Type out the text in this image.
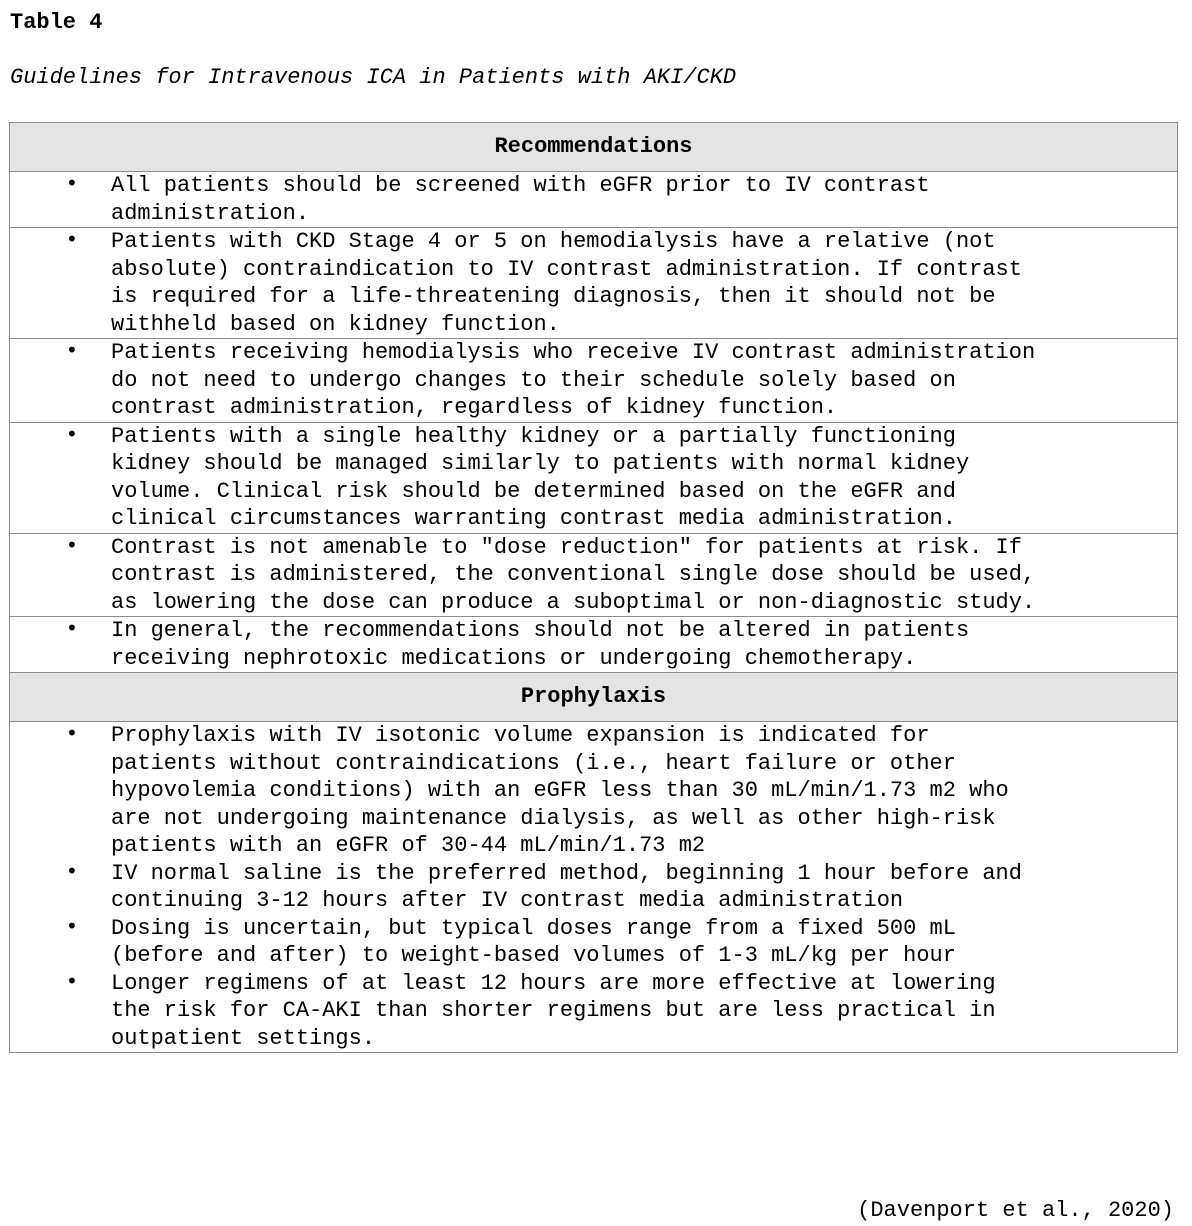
Table 4

Guidelines for Intravenous ICA in Patients with AKI/CKD

Recommendations

• All patients should be screened with eGFR prior to IV contrast
administration.

• Patients with CKD Stage 4 or 5 on hemodialysis have a relative (not
absolute) contraindication to IV contrast administration. If contrast
is required for a life-threatening diagnosis, then it should not be
withheld based on kidney function.

• Patients receiving hemodialysis who receive IV contrast administration
do not need to undergo changes to their schedule solely based on
contrast administration, regardless of kidney function.

• Patients with a single healthy kidney or a partially functioning
kidney should be managed similarly to patients with normal kidney
volume. Clinical risk should be determined based on the eGFR and
clinical circumstances warranting contrast media administration.

• Contrast is not amenable to "dose reduction" for patients at risk. If
contrast is administered, the conventional single dose should be used,
as lowering the dose can produce a suboptimal or non-diagnostic study.

• In general, the recommendations should not be altered in patients
receiving nephrotoxic medications or undergoing chemotherapy.

Prophylaxis

• Prophylaxis with IV isotonic volume expansion is indicated for
patients without contraindications (i.e., heart failure or other
hypovolemia conditions) with an eGFR less than 30 mL/min/1.73 m2 who
are not undergoing maintenance dialysis, as well as other high-risk
patients with an eGFR of 30-44 mL/min/1.73 m2
• IV normal saline is the preferred method, beginning 1 hour before and
continuing 3-12 hours after IV contrast media administration
• Dosing is uncertain, but typical doses range from a fixed 500 mL
(before and after) to weight-based volumes of 1-3 mL/kg per hour
• Longer regimens of at least 12 hours are more effective at lowering
the risk for CA-AKI than shorter regimens but are less practical in
outpatient settings.

(Davenport et al., 2020)
